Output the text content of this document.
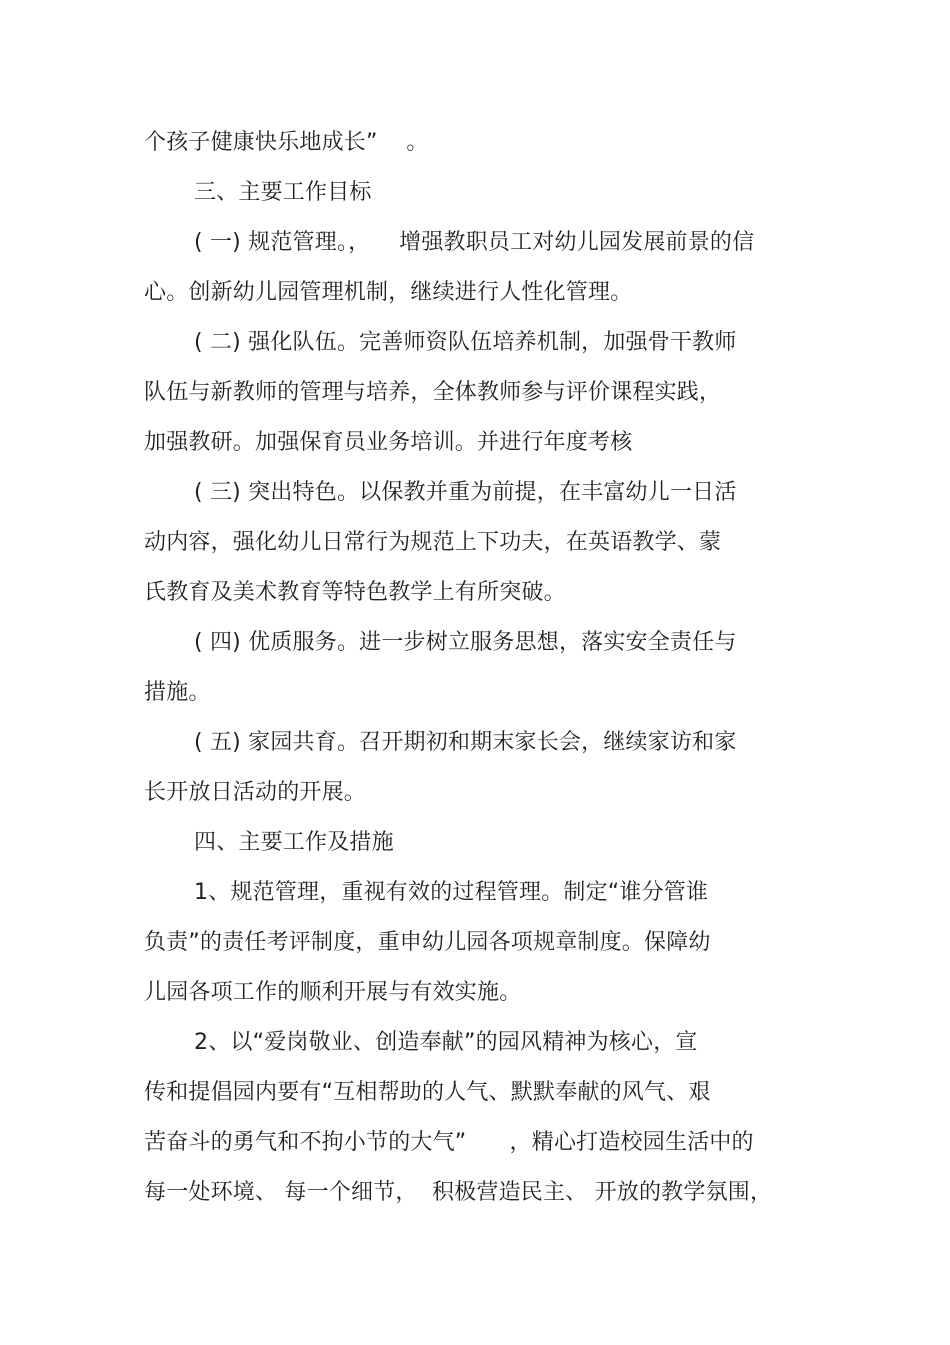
个孩子健康快乐地成长”    。
三、主要工作目标
( 一) 规范管理。，    增强教职员工对幼儿园发展前景的信
心。创新幼儿园管理机制，继续进行人性化管理。
( 二) 强化队伍。完善师资队伍培养机制，加强骨干教师
队伍与新教师的管理与培养，全体教师参与评价课程实践，
加强教研。加强保育员业务培训。并进行年度考核
( 三) 突出特色。以保教并重为前提，在丰富幼儿一日活
动内容，强化幼儿日常行为规范上下功夫，在英语教学、蒙
氏教育及美术教育等特色教学上有所突破。
( 四) 优质服务。进一步树立服务思想，落实安全责任与
措施。
( 五) 家园共育。召开期初和期末家长会，继续家访和家
长开放日活动的开展。
四、主要工作及措施
1、规范管理，重视有效的过程管理。制定“谁分管谁
负责”的责任考评制度，重申幼儿园各项规章制度。保障幼
儿园各项工作的顺利开展与有效实施。
2、以“爱岗敬业、创造奉献”的园风精神为核心，宣
传和提倡园内要有“互相帮助的人气、默默奉献的风气、艰
苦奋斗的勇气和不拘小节的大气”      ，精心打造校园生活中的
每一处环境、 每一个细节，  积极营造民主、 开放的教学氛围，
